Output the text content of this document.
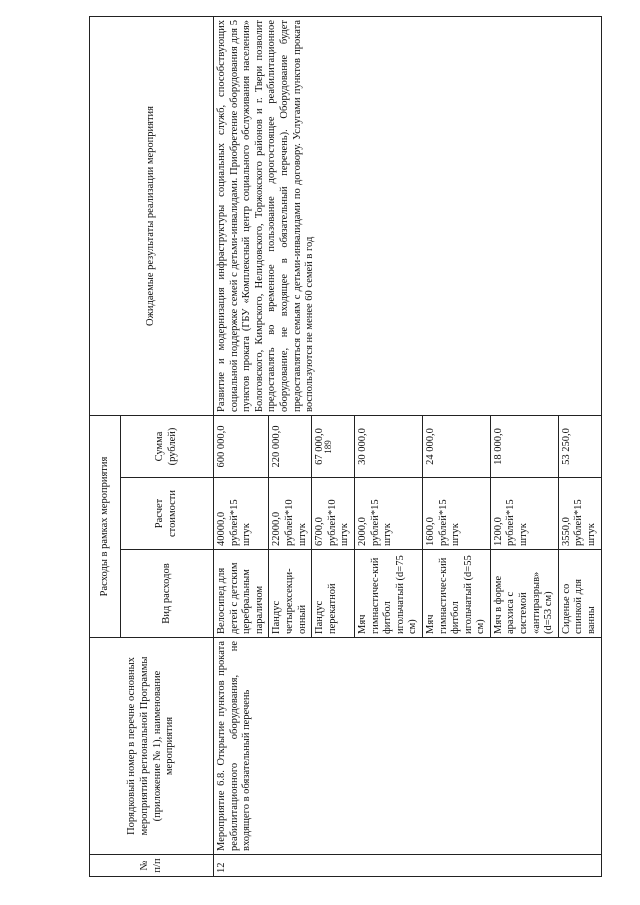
189
№ п/п	Порядковый номер в перечне основных мероприятий региональной Программы (приложение № 1), наименование мероприятия	Расходы в рамках мероприятия			Ожидаемые результаты реализации мероприятия
		Вид расходов	Расчет стоимости	Сумма (рублей)	
12	Мероприятие 6.8. Открытие пунктов проката реабилитационного оборудования, не входящего в обязательный перечень	Велосипед для детей с детским церебральным параличом	40000,0 рублей*15 штук	600 000,0	Развитие и модернизация инфраструктуры социальных служб, способствующих социальной поддержке семей с детьми-инвалидами. Приобретение оборудования для 5 пунктов проката (ГБУ «Комплексный центр социального обслуживания населения» Бологовского, Кимрского, Нелидовского, Торжокского районов и г. Твери позволит предоставлять во временное пользование дорогостоящее реабилитационное оборудование, не входящее в обязательный перечень). Оборудование будет предоставляться семьям с детьми-инвалидами по договору. Услугами пунктов проката воспользуются не менее 60 семей в год
		Пандус четырехсекци-онный	22000,0 рублей*10 штук	220 000,0	
		Пандус перекатной	6700,0 рублей*10 штук	67 000,0	
		Мяч гимнастичес-кий фитбол игольчатый (d=75 см)	2000,0 рублей*15 штук	30 000,0	
		Мяч гимнастичес-кий фитбол игольчатый (d=55 см)	1600,0 рублей*15 штук	24 000,0	
		Мяч в форме арахиса с системой «антиразрыв» (d=53 см)	1200,0 рублей*15 штук	18 000,0	
		Сиденье со спинкой для ванны	3550,0 рублей*15 штук	53 250,0	
